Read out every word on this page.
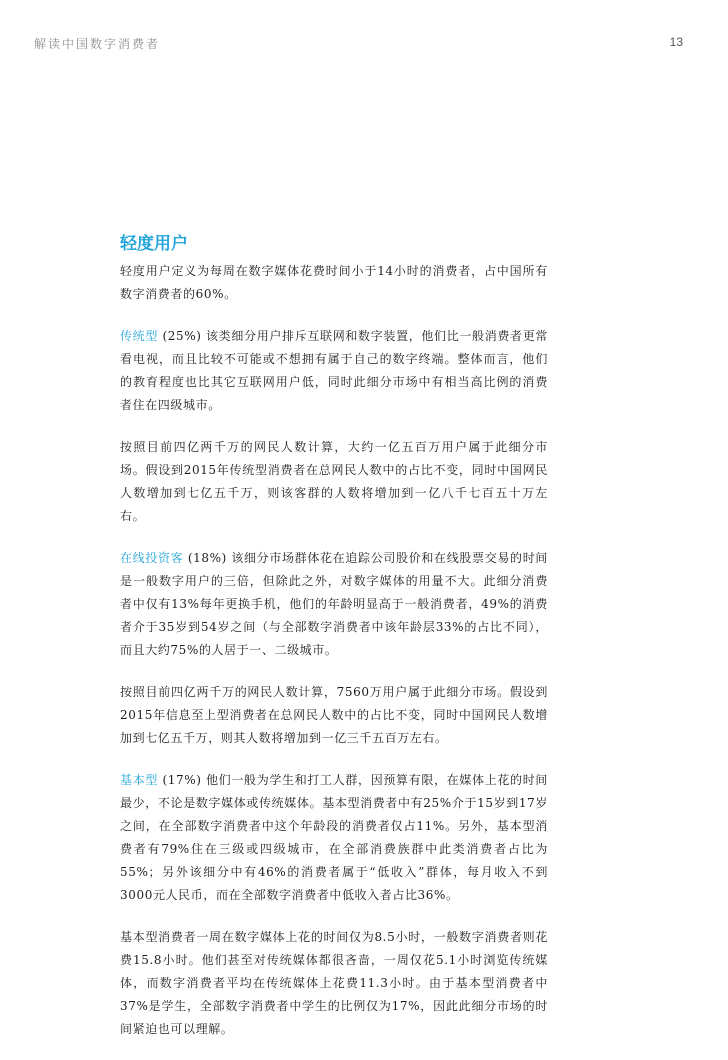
解读中国数字消费者	13
轻度用户

轻度用户定义为每周在数字媒体花费时间小于14小时的消费者，占中国所有数字消费者的60%。

传统型 (25%) 该类细分用户排斥互联网和数字装置，他们比一般消费者更常看电视，而且比较不可能或不想拥有属于自己的数字终端。整体而言，他们的教育程度也比其它互联网用户低，同时此细分市场中有相当高比例的消费者住在四级城市。

按照目前四亿两千万的网民人数计算，大约一亿五百万用户属于此细分市场。假设到2015年传统型消费者在总网民人数中的占比不变，同时中国网民人数增加到七亿五千万，则该客群的人数将增加到一亿八千七百五十万左右。

在线投资客 (18%) 该细分市场群体花在追踪公司股价和在线股票交易的时间是一般数字用户的三倍，但除此之外，对数字媒体的用量不大。此细分消费者中仅有13%每年更换手机，他们的年龄明显高于一般消费者，49%的消费者介于35岁到54岁之间（与全部数字消费者中该年龄层33%的占比不同），而且大约75%的人居于一、二级城市。

按照目前四亿两千万的网民人数计算，7560万用户属于此细分市场。假设到2015年信息至上型消费者在总网民人数中的占比不变，同时中国网民人数增加到七亿五千万，则其人数将增加到一亿三千五百万左右。

基本型 (17%) 他们一般为学生和打工人群，因预算有限，在媒体上花的时间最少，不论是数字媒体或传统媒体。基本型消费者中有25%介于15岁到17岁之间，在全部数字消费者中这个年龄段的消费者仅占11%。另外，基本型消费者有79%住在三级或四级城市，在全部消费族群中此类消费者占比为55%；另外该细分中有46%的消费者属于“低收入”群体，每月收入不到3000元人民币，而在全部数字消费者中低收入者占比36%。

基本型消费者一周在数字媒体上花的时间仅为8.5小时，一般数字消费者则花费15.8小时。他们甚至对传统媒体都很吝啬，一周仅花5.1小时浏览传统媒体，而数字消费者平均在传统媒体上花费11.3小时。由于基本型消费者中37%是学生，全部数字消费者中学生的比例仅为17%，因此此细分市场的时间紧迫也可以理解。
